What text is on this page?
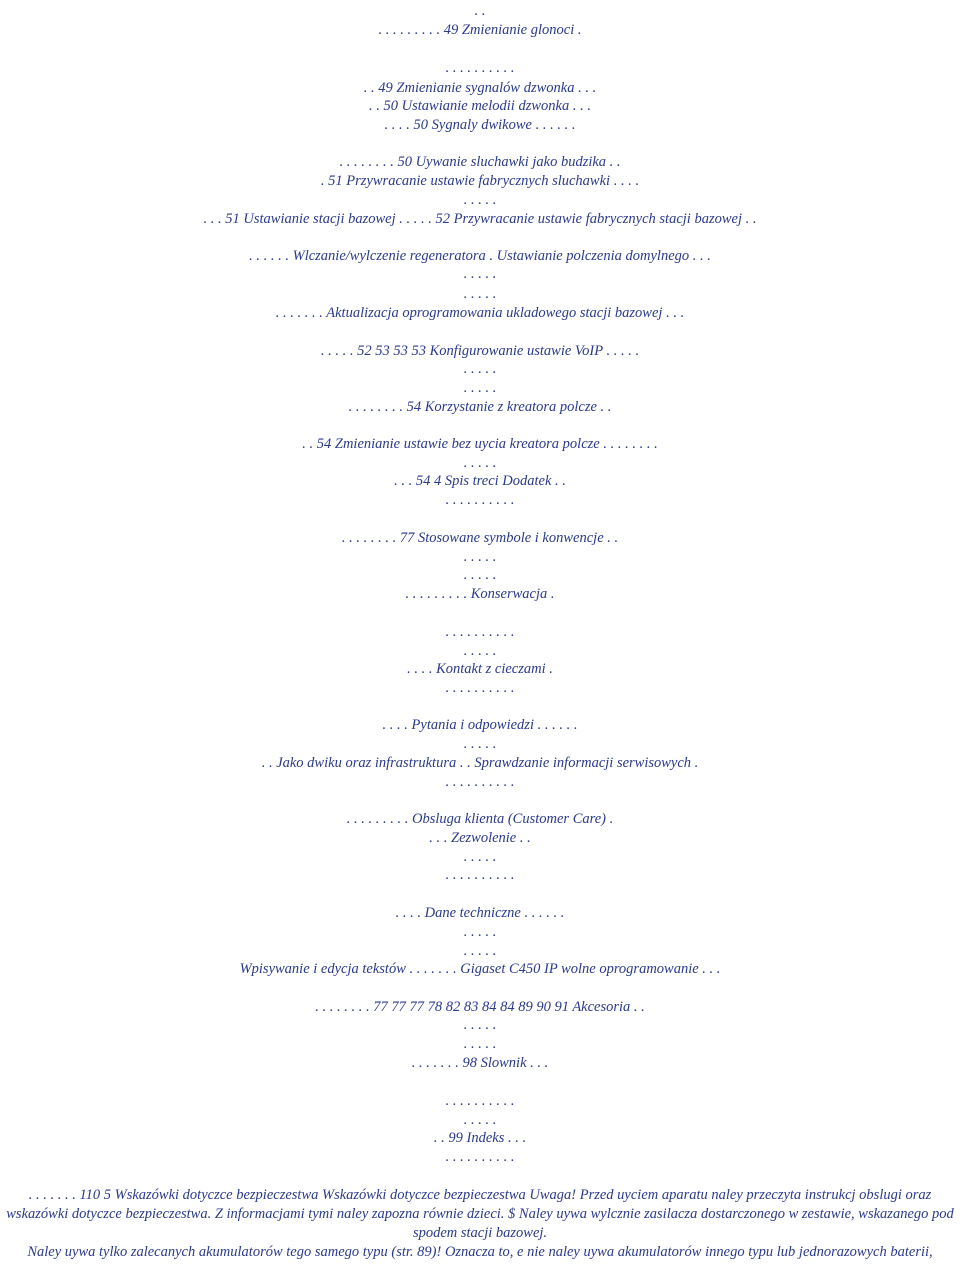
. .
. . . . . . . . . 49 Zmienianie glonoci .
. . . . . . . . . .
. . 49 Zmienianie sygnalów dzwonka . . .
. . 50 Ustawianie melodii dzwonka . . .
. . . . 50 Sygnaly dwikowe . . . . . .
. . . . . . . . 50 Uywanie sluchawki jako budzika . .
. 51 Przywracanie ustawie fabrycznych sluchawki . . . .
. . . . .
. . . 51 Ustawianie stacji bazowej . . . . . 52 Przywracanie ustawie fabrycznych stacji bazowej . .
. . . . . . Wlczanie/wylczenie regeneratora . Ustawianie polczenia domylnego . . .
. . . . .
. . . . .
. . . . . . . Aktualizacja oprogramowania ukladowego stacji bazowej . . .
. . . . . 52 53 53 53 Konfigurowanie ustawie VoIP . . . . .
. . . . .
. . . . .
. . . . . . . . 54 Korzystanie z kreatora polcze . .
. . 54 Zmienianie ustawie bez uycia kreatora polcze . . . . . . . .
. . . . .
. . . 54 4 Spis treci Dodatek . .
. . . . . . . . . .
. . . . . . . . 77 Stosowane symbole i konwencje . .
. . . . .
. . . . .
. . . . . . . . . Konserwacja .
. . . . . . . . . .
. . . . .
. . . . Kontakt z cieczami .
. . . . . . . . . .
. . . . Pytania i odpowiedzi . . . . . .
. . . . .
. . Jako dwiku oraz infrastruktura . . Sprawdzanie informacji serwisowych .
. . . . . . . . . .
. . . . . . . . . Obsluga klienta (Customer Care) .
. . . Zezwolenie . .
. . . . .
. . . . . . . . . .
. . . . Dane techniczne . . . . . .
. . . . .
. . . . .
Wpisywanie i edycja tekstów . . . . . . . Gigaset C450 IP wolne oprogramowanie . . .
. . . . . . . . 77 77 77 78 82 83 84 84 89 90 91 Akcesoria . .
. . . . .
. . . . .
. . . . . . . 98 Slownik . . .
. . . . . . . . . .
. . . . .
. . 99 Indeks . . .
. . . . . . . . . .
. . . . . . . 110 5 Wskazówki dotyczce bezpieczestwa Wskazówki dotyczce bezpieczestwa Uwaga! Przed uyciem aparatu naley przeczyta instrukcj obslugi oraz wskazówki dotyczce bezpieczestwa. Z informacjami tymi naley zapozna równie dzieci. $ Naley uywa wylcznie zasilacza dostarczonego w zestawie, wskazanego pod spodem stacji bazowej.
Naley uywa tylko zalecanych akumulatorów tego samego typu (str. 89)! Oznacza to, e nie naley uywa akumulatorów innego typu lub jednorazowych baterii,
